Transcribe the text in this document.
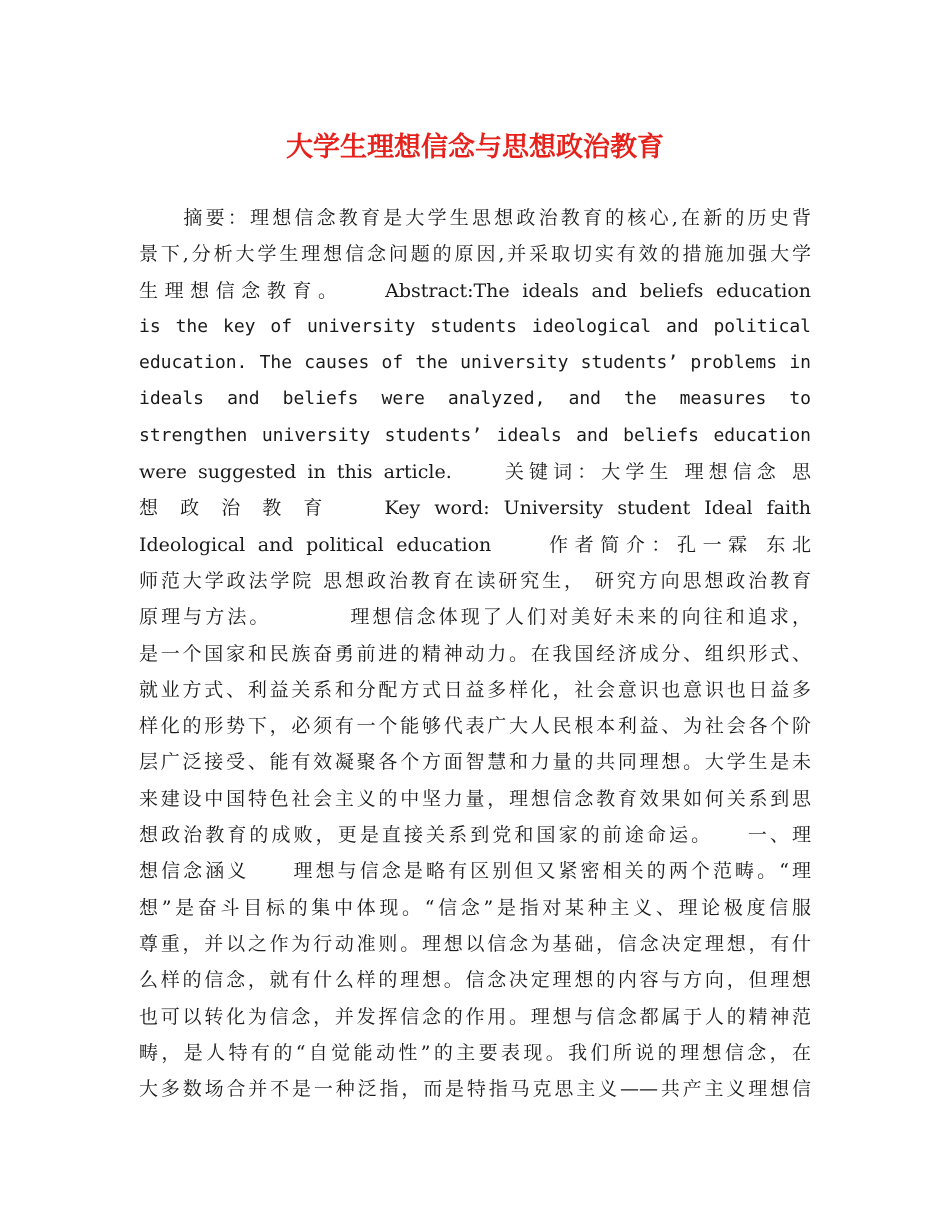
大学生理想信念与思想政治教育
　　摘要：理想信念教育是大学生思想政治教育的核心,在新的历史背
景下,分析大学生理想信念问题的原因,并采取切实有效的措施加强大学
生理想信念教育。　　Abstract:The ideals and beliefs education
is the key of university students ideological and political
education. The causes of the university students’ problems in
ideals and beliefs were analyzed, and the measures to
strengthen university students’ ideals and beliefs education
were suggested in this article.　　关键词：大学生 理想信念 思
想 政 治 教 育　　Key word: University student Ideal faith
Ideological and political education　　作者简介：孔一霖 东北
师范大学政法学院 思想政治教育在读研究生， 研究方向思想政治教育
原理与方法。　　　　理想信念体现了人们对美好未来的向往和追求，
是一个国家和民族奋勇前进的精神动力。在我国经济成分、组织形式、
就业方式、利益关系和分配方式日益多样化，社会意识也意识也日益多
样化的形势下，必须有一个能够代表广大人民根本利益、为社会各个阶
层广泛接受、能有效凝聚各个方面智慧和力量的共同理想。大学生是未
来建设中国特色社会主义的中坚力量，理想信念教育效果如何关系到思
想政治教育的成败，更是直接关系到党和国家的前途命运。　　一、理
想信念涵义　　理想与信念是略有区别但又紧密相关的两个范畴。“理
想”是奋斗目标的集中体现。“信念”是指对某种主义、理论极度信服
尊重，并以之作为行动准则。理想以信念为基础，信念决定理想，有什
么样的信念，就有什么样的理想。信念决定理想的内容与方向，但理想
也可以转化为信念，并发挥信念的作用。理想与信念都属于人的精神范
畴，是人特有的“自觉能动性”的主要表现。我们所说的理想信念，在
大多数场合并不是一种泛指，而是特指马克思主义——共产主义理想信
